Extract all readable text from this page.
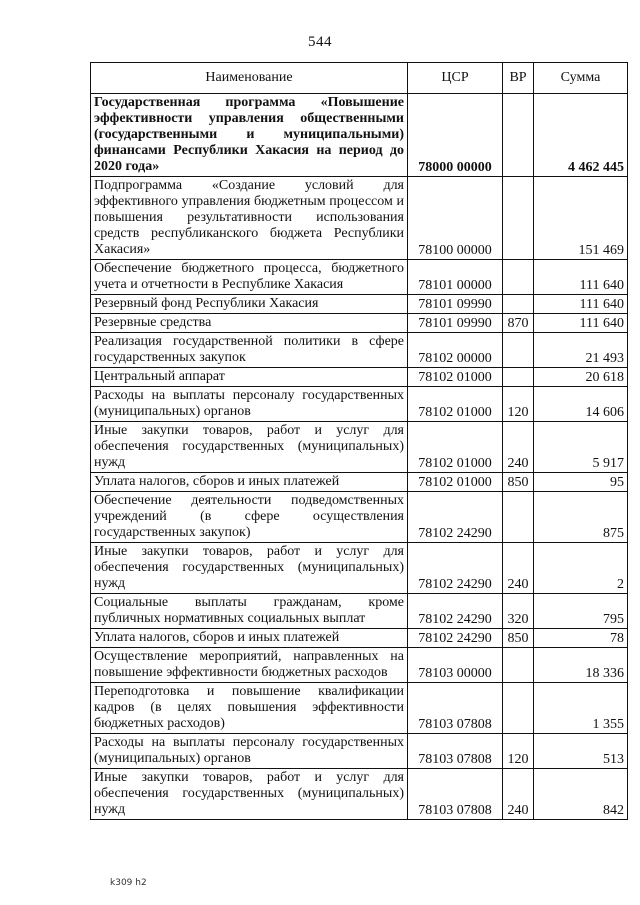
544
Наименование	ЦСР	ВР	Сумма
Государственная программа «Повышение эффективности управления общественными (государственными и муниципальными) финансами Республики Хакасия на период до 2020 года»	78000 00000		4 462 445
Подпрограмма «Создание условий для эффективного управления бюджетным процессом и повышения результативности использования средств республиканского бюджета Республики Хакасия»	78100 00000		151 469
Обеспечение бюджетного процесса, бюджетного учета и отчетности в Республике Хакасия	78101 00000		111 640
Резервный фонд Республики Хакасия	78101 09990		111 640
Резервные средства	78101 09990	870	111 640
Реализация государственной политики в сфере государственных закупок	78102 00000		21 493
Центральный аппарат	78102 01000		20 618
Расходы на выплаты персоналу государственных (муниципальных) органов	78102 01000	120	14 606
Иные закупки товаров, работ и услуг для обеспечения государственных (муниципальных) нужд	78102 01000	240	5 917
Уплата налогов, сборов и иных платежей	78102 01000	850	95
Обеспечение деятельности подведомственных учреждений (в сфере осуществления государственных закупок)	78102 24290		875
Иные закупки товаров, работ и услуг для обеспечения государственных (муниципальных) нужд	78102 24290	240	2
Социальные выплаты гражданам, кроме публичных нормативных социальных выплат	78102 24290	320	795
Уплата налогов, сборов и иных платежей	78102 24290	850	78
Осуществление мероприятий, направленных на повышение эффективности бюджетных расходов	78103 00000		18 336
Переподготовка и повышение квалификации кадров (в целях повышения эффективности бюджетных расходов)	78103 07808		1 355
Расходы на выплаты персоналу государственных (муниципальных) органов	78103 07808	120	513
Иные закупки товаров, работ и услуг для обеспечения государственных (муниципальных) нужд	78103 07808	240	842
k309 h2
